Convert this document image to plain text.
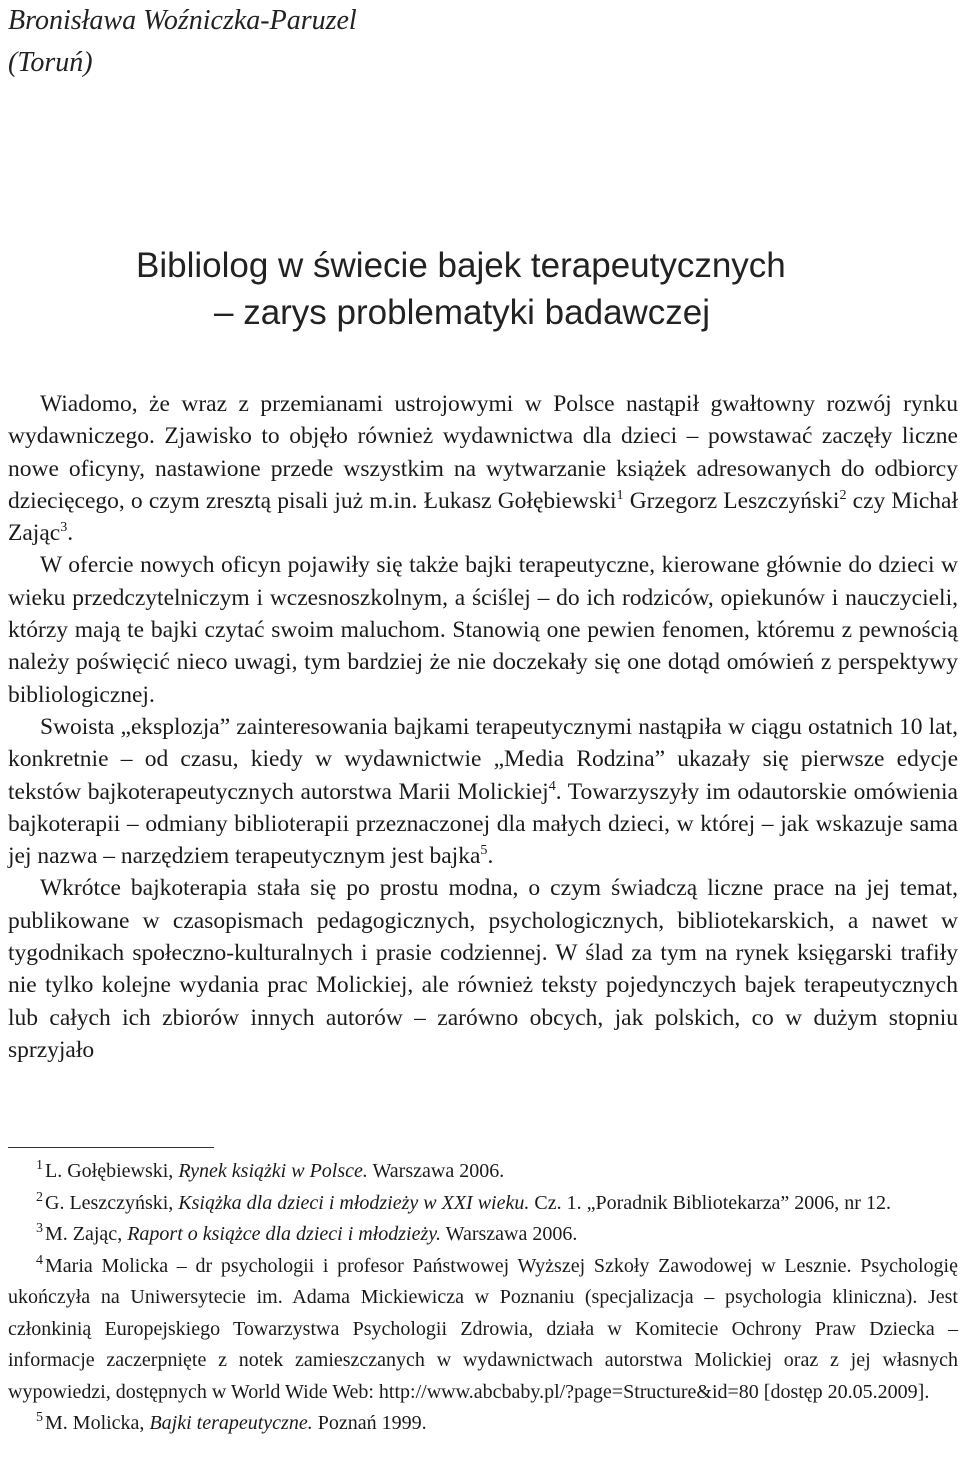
Bronisława Woźniczka-Paruzel
(Toruń)
Bibliolog w świecie bajek terapeutycznych
– zarys problematyki badawczej

Wiadomo, że wraz z przemianami ustrojowymi w Polsce nastąpił gwałtowny rozwój rynku wydawniczego. Zjawisko to objęło również wydawnictwa dla dzieci – powstawać zaczęły liczne nowe oficyny, nastawione przede wszystkim na wytwarzanie książek adresowanych do odbiorcy dziecięcego, o czym zresztą pisali już m.in. Łukasz Gołębiewski$^1$ Grzegorz Leszczyński$^2$ czy Michał Zając$^3$.

W ofercie nowych oficyn pojawiły się także bajki terapeutyczne, kierowane głównie do dzieci w wieku przedczytelniczym i wczesnoszkolnym, a ściślej – do ich rodziców, opiekunów i nauczycieli, którzy mają te bajki czytać swoim maluchom. Stanowią one pewien fenomen, któremu z pewnością należy poświęcić nieco uwagi, tym bardziej że nie doczekały się one dotąd omówień z perspektywy bibliologicznej.

Swoista „eksplozja” zainteresowania bajkami terapeutycznymi nastąpiła w ciągu ostatnich 10 lat, konkretnie – od czasu, kiedy w wydawnictwie „Media Rodzina” ukazały się pierwsze edycje tekstów bajkoterapeutycznych autorstwa Marii Molickiej$^4$. Towarzyszyły im odautorskie omówienia bajkoterapii – odmiany biblioterapii przeznaczonej dla małych dzieci, w której – jak wskazuje sama jej nazwa – narzędziem terapeutycznym jest bajka$^5$.

Wkrótce bajkoterapia stała się po prostu modna, o czym świadczą liczne prace na jej temat, publikowane w czasopismach pedagogicznych, psychologicznych, bibliotekarskich, a nawet w tygodnikach społeczno-kulturalnych i prasie codziennej. W ślad za tym na rynek księgarski trafiły nie tylko kolejne wydania prac Molickiej, ale również teksty pojedynczych bajek terapeutycznych lub całych ich zbiorów innych autorów – zarówno obcych, jak polskich, co w dużym stopniu sprzyjało

$^1$ L. Gołębiewski, Rynek książki w Polsce. Warszawa 2006.

$^2$ G. Leszczyński, Książka dla dzieci i młodzieży w XXI wieku. Cz. 1. „Poradnik Bibliotekarza” 2006, nr 12.

$^3$ M. Zając, Raport o książce dla dzieci i młodzieży. Warszawa 2006.

$^4$ Maria Molicka – dr psychologii i profesor Państwowej Wyższej Szkoły Zawodowej w Lesznie. Psychologię ukończyła na Uniwersytecie im. Adama Mickiewicza w Poznaniu (specjalizacja – psychologia kliniczna). Jest członkinią Europejskiego Towarzystwa Psychologii Zdrowia, działa w Komitecie Ochrony Praw Dziecka – informacje zaczerpnięte z notek zamieszczanych w wydawnictwach autorstwa Molickiej oraz z jej własnych wypowiedzi, dostępnych w World Wide Web: http://www.abcbaby.pl/?page=Structure&id=80 [dostęp 20.05.2009].

$^5$ M. Molicka, Bajki terapeutyczne. Poznań 1999.
